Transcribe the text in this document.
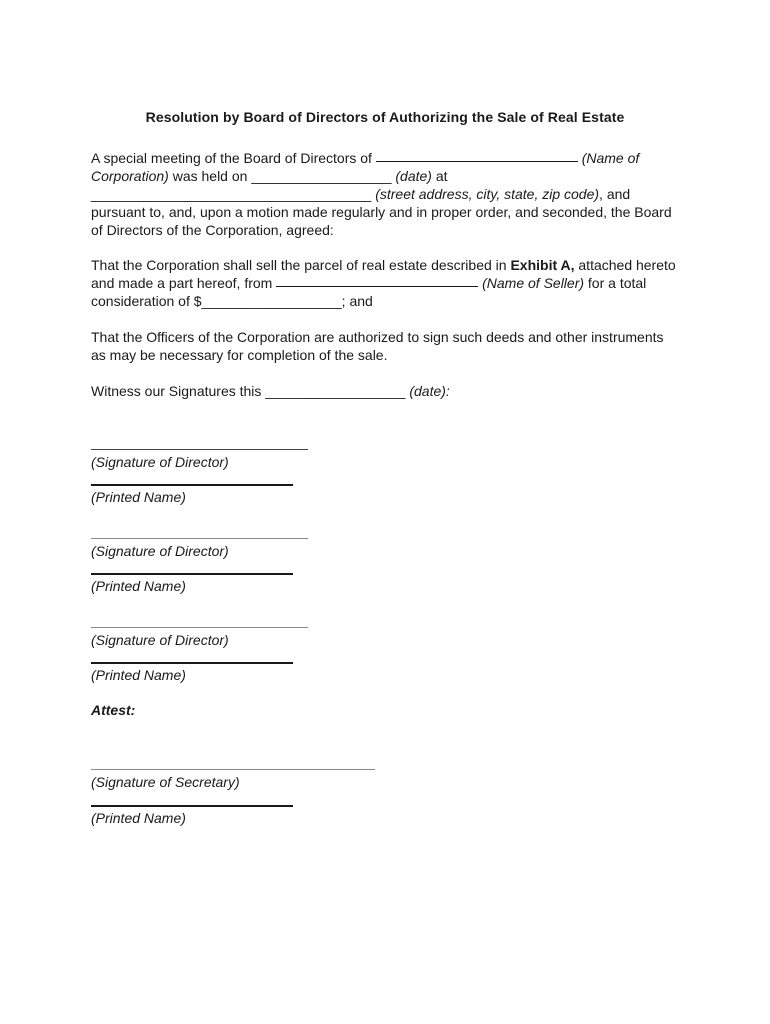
Resolution by Board of Directors of Authorizing the Sale of Real Estate
A special meeting of the Board of Directors of	(Name of Corporation) was held on __________________ (date) at ____________________________________ (street address, city, state, zip code), and pursuant to, and, upon a motion made regularly and in proper order, and seconded, the Board of Directors of the Corporation, agreed:
That the Corporation shall sell the parcel of real estate described in Exhibit A, attached hereto and made a part hereof, from	(Name of Seller) for a total consideration of $__________________; and
That the Officers of the Corporation are authorized to sign such deeds and other instruments as may be necessary for completion of the sale.
Witness our Signatures this __________________ (date):
(Signature of Director)
(Printed Name)
(Signature of Director)
(Printed Name)
(Signature of Director)
(Printed Name)
Attest:
(Signature of Secretary)
(Printed Name)
